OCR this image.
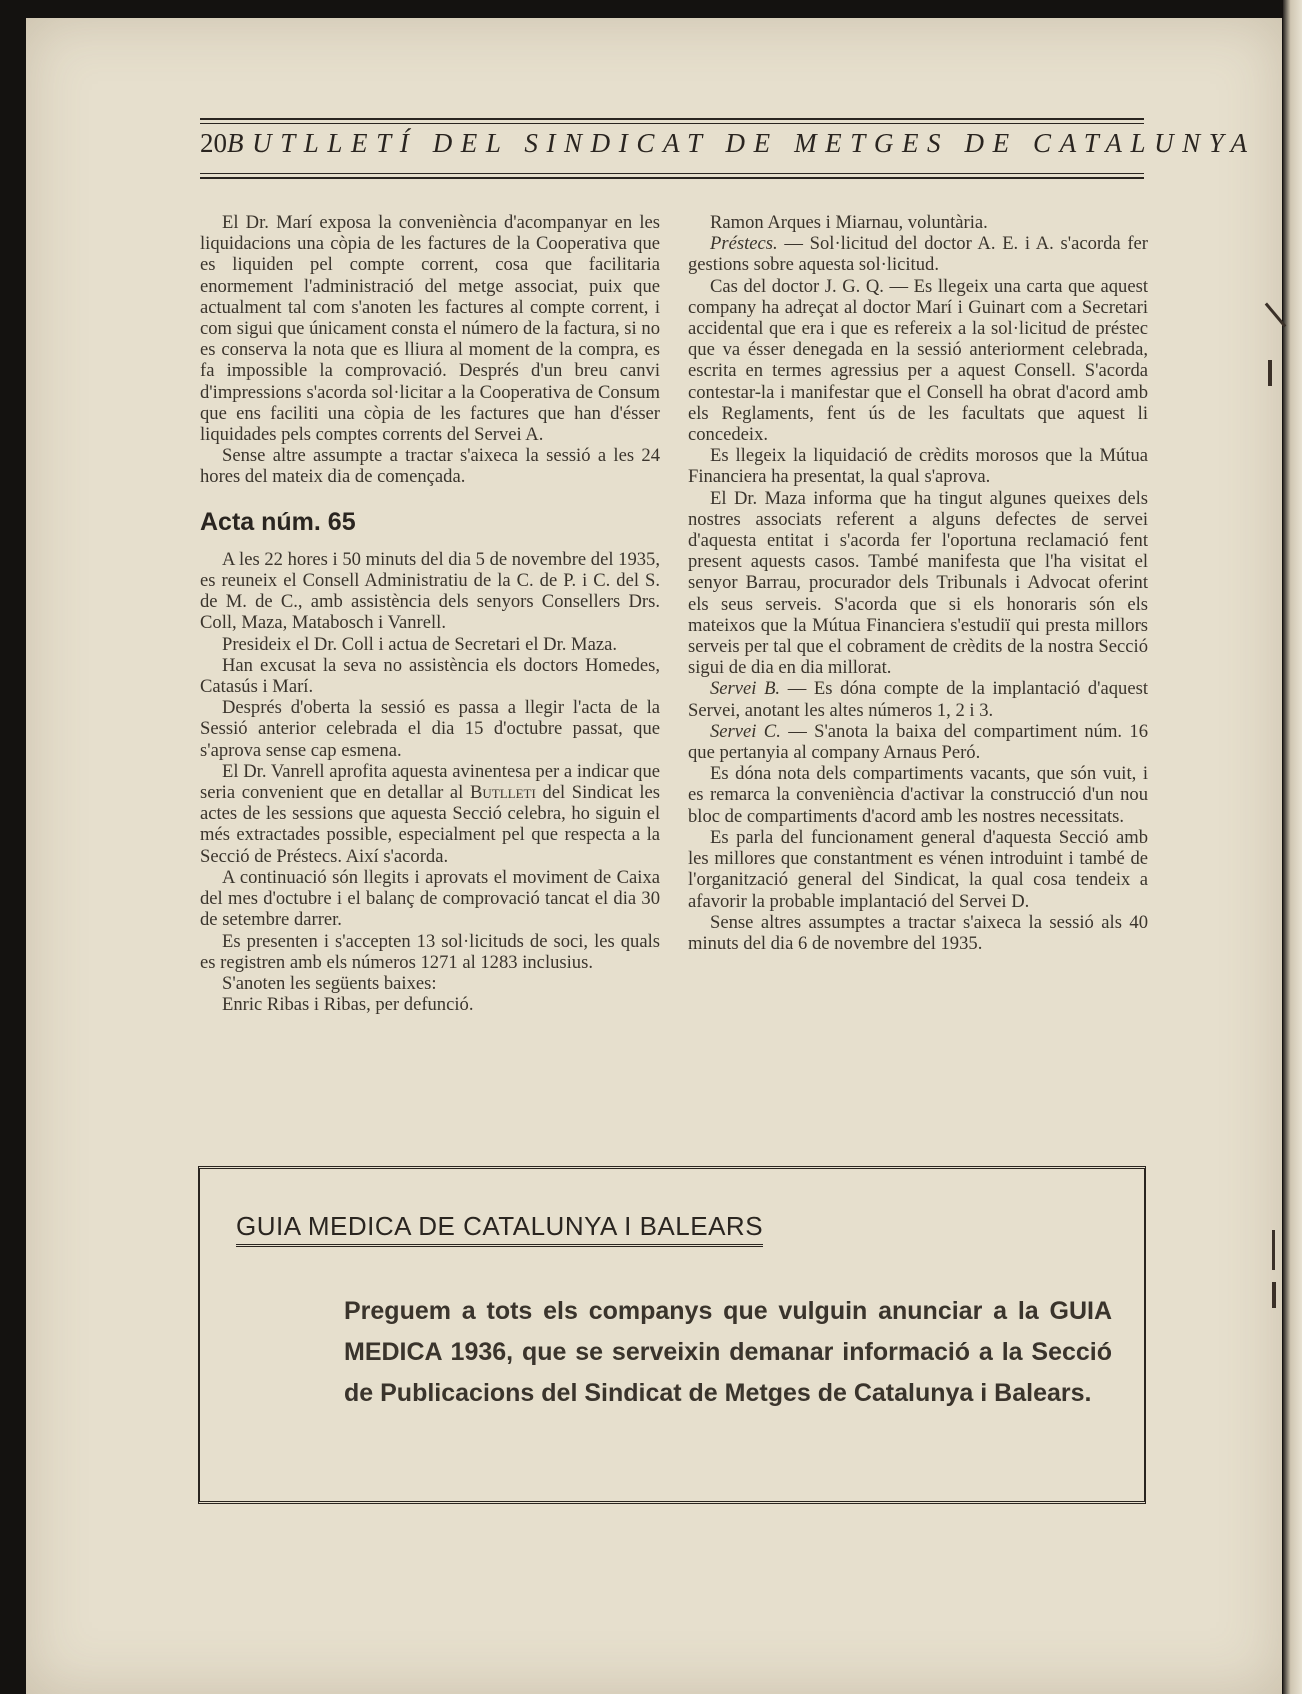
20 BUTLLETÍ DEL SINDICAT DE METGES DE CATALUNYA

El Dr. Marí exposa la conveniència d'acompanyar en les liquidacions una còpia de les factures de la Cooperativa que es liquiden pel compte corrent, cosa que facilitaria enormement l'administració del metge associat, puix que actualment tal com s'anoten les factures al compte corrent, i com sigui que únicament consta el número de la factura, si no es conserva la nota que es lliura al moment de la compra, es fa impossible la comprovació. Després d'un breu canvi d'impressions s'acorda sol·licitar a la Cooperativa de Consum que ens faciliti una còpia de les factures que han d'ésser liquidades pels comptes corrents del Servei A.

Sense altre assumpte a tractar s'aixeca la sessió a les 24 hores del mateix dia de començada.

Acta núm. 65

A les 22 hores i 50 minuts del dia 5 de novembre del 1935, es reuneix el Consell Administratiu de la C. de P. i C. del S. de M. de C., amb assistència dels senyors Consellers Drs. Coll, Maza, Matabosch i Vanrell.

Presideix el Dr. Coll i actua de Secretari el Dr. Maza.

Han excusat la seva no assistència els doctors Homedes, Catasús i Marí.

Després d'oberta la sessió es passa a llegir l'acta de la Sessió anterior celebrada el dia 15 d'octubre passat, que s'aprova sense cap esmena.

El Dr. Vanrell aprofita aquesta avinentesa per a indicar que seria convenient que en detallar al Butlleti del Sindicat les actes de les sessions que aquesta Secció celebra, ho siguin el més extractades possible, especialment pel que respecta a la Secció de Préstecs. Així s'acorda.

A continuació són llegits i aprovats el moviment de Caixa del mes d'octubre i el balanç de comprovació tancat el dia 30 de setembre darrer.

Es presenten i s'accepten 13 sol·licituds de soci, les quals es registren amb els números 1271 al 1283 inclusius.

S'anoten les següents baixes:

Enric Ribas i Ribas, per defunció.

Ramon Arques i Miarnau, voluntària.

Préstecs. — Sol·licitud del doctor A. E. i A. s'acorda fer gestions sobre aquesta sol·licitud.

Cas del doctor J. G. Q. — Es llegeix una carta que aquest company ha adreçat al doctor Marí i Guinart com a Secretari accidental que era i que es refereix a la sol·licitud de préstec que va ésser denegada en la sessió anteriorment celebrada, escrita en termes agressius per a aquest Consell. S'acorda contestar-la i manifestar que el Consell ha obrat d'acord amb els Reglaments, fent ús de les facultats que aquest li concedeix.

Es llegeix la liquidació de crèdits morosos que la Mútua Financiera ha presentat, la qual s'aprova.

El Dr. Maza informa que ha tingut algunes queixes dels nostres associats referent a alguns defectes de servei d'aquesta entitat i s'acorda fer l'oportuna reclamació fent present aquests casos. També manifesta que l'ha visitat el senyor Barrau, procurador dels Tribunals i Advocat oferint els seus serveis. S'acorda que si els honoraris són els mateixos que la Mútua Financiera s'estudiï qui presta millors serveis per tal que el cobrament de crèdits de la nostra Secció sigui de dia en dia millorat.

Servei B. — Es dóna compte de la implantació d'aquest Servei, anotant les altes números 1, 2 i 3.

Servei C. — S'anota la baixa del compartiment núm. 16 que pertanyia al company Arnaus Peró.

Es dóna nota dels compartiments vacants, que són vuit, i es remarca la conveniència d'activar la construcció d'un nou bloc de compartiments d'acord amb les nostres necessitats.

Es parla del funcionament general d'aquesta Secció amb les millores que constantment es vénen introduint i també de l'organització general del Sindicat, la qual cosa tendeix a afavorir la probable implantació del Servei D.

Sense altres assumptes a tractar s'aixeca la sessió als 40 minuts del dia 6 de novembre del 1935.

GUIA MEDICA DE CATALUNYA I BALEARS
Preguem a tots els companys que vulguin anunciar a la GUIA MEDICA 1936, que se serveixin demanar informació a la Secció de Publicacions del Sindicat de Metges de Catalunya i Balears.
